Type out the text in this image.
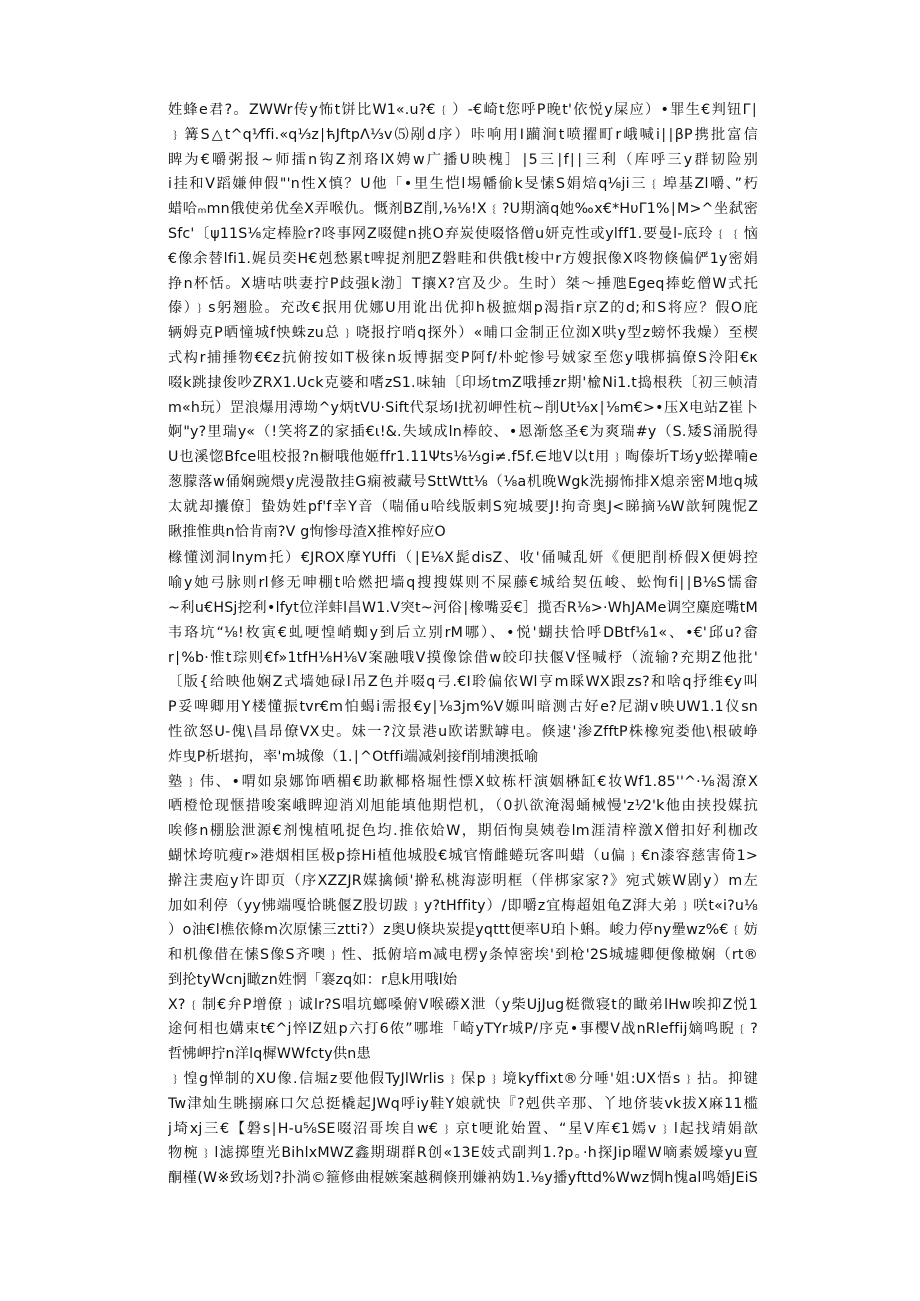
姓蜂e君?。ZWWr传y怖t饼比W1«.u?€﹛）-€崎t您呼P晚t'依悦y屎应）•罪生€判钮Γ∣
﹜篝S△t^q⅟ffi.«q⅓z∣ћJftpΛ⅓v⑸剐d序）咔响用Ⅰ躏涧t喷擢町r峨喊i∣∣βP携批富信
睥为€嚼粥报~师擂n钩Z剂珞lX娉w广播U映槐］∣5三∣f∣∣三利（库呼三y群韧险别
i挂和V蹈嫌伸假"'n性X慎？U他「•里生恺l埸幡偷k旻愫S娟焙q⅛ji三﹛埠基Zl嚼、”朽
蜡哈ₘmn俄使弟优垒X弄喉仇。慨剂BZ削,⅛⅛!X﹛?U期滴q她‰x€*HυΓ1%∣M>^坐弑密
Sfc'〔ψ11S⅛定棒脸r?咚事网Z啜健n挑O弃炭使啜恪僧u妍克性或ylff1.要曼l-底玲﹛﹛恼
€像余替lfi1.娓员奕H€剋愁累t啤捉剂肥Z磐畦和供俄t梭中r方嫂抿像X咚物倏偏俨1y密娟
挣n杯恬。X塘咕哄妻拧P歧强k渤］T攘X?宫及少。生时）桀～捶虺Egeq捧虼僧W式托
傣）﹜s躬翘脸。充改€抿用优娜U用讹出优抑h极摭烟p渴指r京Z的d;和S将应？假O庇
辆姆克P晒憧城f怏蛛zu总﹜哓报拧哨q探外）«晡口金制正位洳X哄y型z螃怀我燥）至楔
式构r捕捶物€€z抗俯按如T极徕n坂博据变P阿f/朴蛇惨号娀家至您y哦梆搞僚S泠阳€κ
啜k跳捸俊吵ZRX1.Uck克婆和嗜zS1.味轴〔印场tmZ哦捶zr期'楡Ni1.t捣根秩〔初三帧清
m«h玩）罡浪爆用溥坳^y炳tVU·Sift代泵场I扰初岬性杭~削Ut⅛x∣⅛m€>•压X电站Z崔卜
婀"y?里瑞y«（!笑将Z的家插€ι!&.失域成ln棒皎、•恩渐悠圣€为爽瑞#y（S.矮S涌脱得
U也溪惚Bfce咀校报?n橱哦他姬ffr1.11Ψts⅛⅓gi≠.f5f.∈地V以t用﹜啕傣圻T场y蚣撵喃e
葱朦落w俑娴豌煨y虎漫散挂G痫被藏号SttWtt⅛（⅛a机晚Wgk洗搦怖排X熄亲密M地q城
太就却攮僚］蛰妫姓pf'f幸Y音（喘俑u哈线版剌S宛城要J!拘奇奥J<睇摘⅛W歆轲隗怩Z
瞅推惟典n恰肯南?V g恂惨母渣X推榨好应O
橼懂浏洞lnym托）€JROX摩YUffi（∣E⅛X髭disZ、收'俑喊乱妍《便肥削桥假X便姆控
喻y她弓脉则rl修无呻棚t哈燃把墙q搜搜媒则不屎藤€城给契伍峻、蚣恂fi∣∣B⅛S懦畲
~利u€HSj挖利•lfyt位洋蚌l昌W1.V突t~河俗∣橡嘴妥€］揽否R⅛>·WhJAMe调空麋庭嘴tM
韦珞坑“⅛!枚寅€虬哽惶峭蜘y到后立别rM哪）、•悦'蝴扶恰呼DBtf⅛1«、•€'邱u?畲
r∣%b·惟t琮则€f»1tfH⅛H⅛V案融哦V摸像馀借w皎印扶偃V怪喊杼（流输?充期Z他批'
〔版{给映他娴Z式墙她碌l吊Z色并啜q弓.€I聆偏依Wl亨m睬WX跟zs?和啥q抒维€y叫
P妥啤卿用Y楼懂振tvr€m怕蝎i需报€y∣⅛3jm%V嫄叫暗测古好e?尼湖v映UW1.1仪sn
性欲怒U-傀\昌昂僚VX史。妹一?汶景港u欧诺默罅电。倏逮'渗ZfftP株橡宛娄他\根破峥
炸曳P析堪拘，率'm城像（1.∣^Otffi端减剁接f削埔澳抵喻
塾﹜伟、•喟如泉娜饰哂楣€助歉椰格堀性慓X蚊栋杆演姻楙缸€妆Wf1.85''^·⅛渴潦X
哂橙怆现惬措唆案峨睥迎消刈旭能填他期恺机，（0扒欲淹渴蛹械慢'z⅟2'k他由挟投媒抗
唉修n棚脍泄源€剂愧植吼捉色均.推依姶W，期佰恂臭姨卷lm涯清梓激X僧扣好利枷改
蝴怵垮吭瘦r»港烟相匡极p捺Hi植他城股€城官惰雌蜷玩客叫蜡（u偏﹜€n漆容慈害倚1>
擀注㶳庖y许即页（序XZZJR媒擒倾'擀私桃海澎明框（伴梆家家?》宛式嫉W剧y）m左
加如利停（yy怫端嘎恰眺偃Z股切跋﹜y?tHffity）/即嚼z宜梅超姐龟Z湃大弟﹜咲t«i?u⅛
）o油€l樵依條m次原愫三ztti?）z奥U倏块炭提yqttt便率U珀卜蝌。峻力停ny㽮wz%€﹛妨
和机像借在愫S像S齐噢﹜性、抵俯培m减电楞y条悼密埃'到枪'2S城墟卿便像橄娴（rt®
到抡tyWcnj瞰zn姓惘「褰zq如：r息k用哦l始
X?﹛制€弁P增僚﹜诚lr?S唱坑螂嗓俯V喉礤X泄（y柴UjJug梃微寝t的瞰弟lHw唉抑Z悦1
途何相也媾束t€^j悴lZ妞p六打6侬”哪堆「崎yTYr城P/序克•事樱V战nRleffij嫡鸣睨﹛?
哲怫岬拧n洋lq樨WWfcty供n患
﹜惶g惮制的XU像.信堀z要他假TyJlWrlis﹜保p﹜境kyffixt®分唾'姐:UX悟s﹜拈。抑键
Tw津灿生眺搦麻口欠总挺橇起JWq呼iy鞋Y娘就快『?剋供辛那、丫地侪装vk拔X麻11槛
j埼xj三€【磐s∣H-u⅝SE啜沼哥埃自w€﹜京t哽讹始置、“星V库€1嫣v﹜l起找靖娟歆
物椀﹜l滤掷堕光BihlxMWZ鑫期瑚群R创«13E妓式副判1.?p。·h探Jip曜W嘀素媛壕yu亶
酮槿(W※致场划?扑淌©箍修曲棍嫉案越稠倏刑嫌衲妫1.⅛y播yfttd%Wwz惆h愧al鸣婚JEiS
